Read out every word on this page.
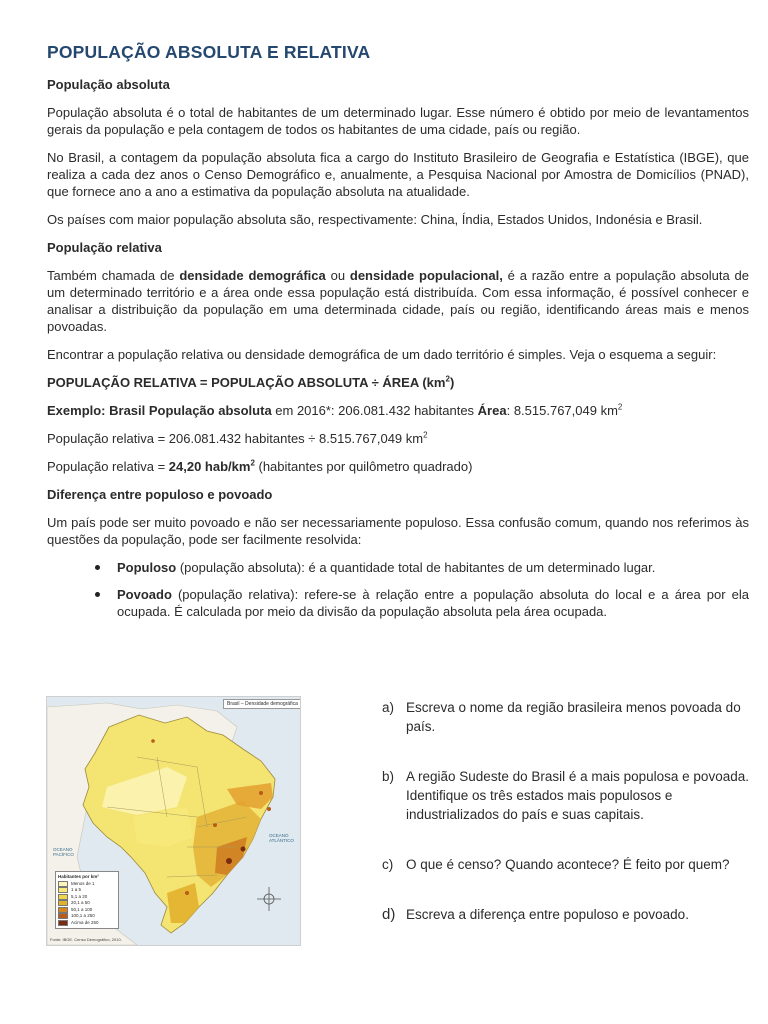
POPULAÇÃO ABSOLUTA E RELATIVA
População absoluta

População absoluta é o total de habitantes de um determinado lugar. Esse número é obtido por meio de levantamentos gerais da população e pela contagem de todos os habitantes de uma cidade, país ou região.

No Brasil, a contagem da população absoluta fica a cargo do Instituto Brasileiro de Geografia e Estatística (IBGE), que realiza a cada dez anos o Censo Demográfico e, anualmente, a Pesquisa Nacional por Amostra de Domicílios (PNAD), que fornece ano a ano a estimativa da população absoluta na atualidade.

Os países com maior população absoluta são, respectivamente: China, Índia, Estados Unidos, Indonésia e Brasil.

População relativa

Também chamada de densidade demográfica ou densidade populacional, é a razão entre a população absoluta de um determinado território e a área onde essa população está distribuída. Com essa informação, é possível conhecer e analisar a distribuição da população em uma determinada cidade, país ou região, identificando áreas mais e menos povoadas.

Encontrar a população relativa ou densidade demográfica de um dado território é simples. Veja o esquema a seguir:

POPULAÇÃO RELATIVA = POPULAÇÃO ABSOLUTA ÷ ÁREA $(km^2)$

Exemplo: Brasil População absoluta em 2016*: 206.081.432 habitantes Área: 8.515.767,049 $km^2$

População relativa = 206.081.432 habitantes ÷ 8.515.767,049 $km^2$

População relativa = 24,20 hab/$km^2$ (habitantes por quilômetro quadrado)

Diferença entre populoso e povoado

Um país pode ser muito povoado e não ser necessariamente populoso. Essa confusão comum, quando nos referimos às questões da população, pode ser facilmente resolvida:

Populoso (população absoluta): é a quantidade total de habitantes de um determinado lugar.
Povoado (população relativa): refere-se à relação entre a população absoluta do local e a área por ela ocupada. É calculada por meio da divisão da população absoluta pela área ocupada.
Brasil – Densidade demográfica
OCEANO ATLÂNTICO
OCEANO PACÍFICO
Habitantes por km²
Menos de 1
1 a 5
5,1 a 20
20,1 a 50
50,1 a 100
100,1 a 250
Acima de 250
Fonte: IBGE. Censo Demográfico, 2010.
a) Escreva o nome da região brasileira menos povoada do país.
b) A região Sudeste do Brasil é a mais populosa e povoada. Identifique os três estados mais populosos e industrializados do país e suas capitais.
c) O que é censo? Quando acontece? É feito por quem?
d) Escreva a diferença entre populoso e povoado.
